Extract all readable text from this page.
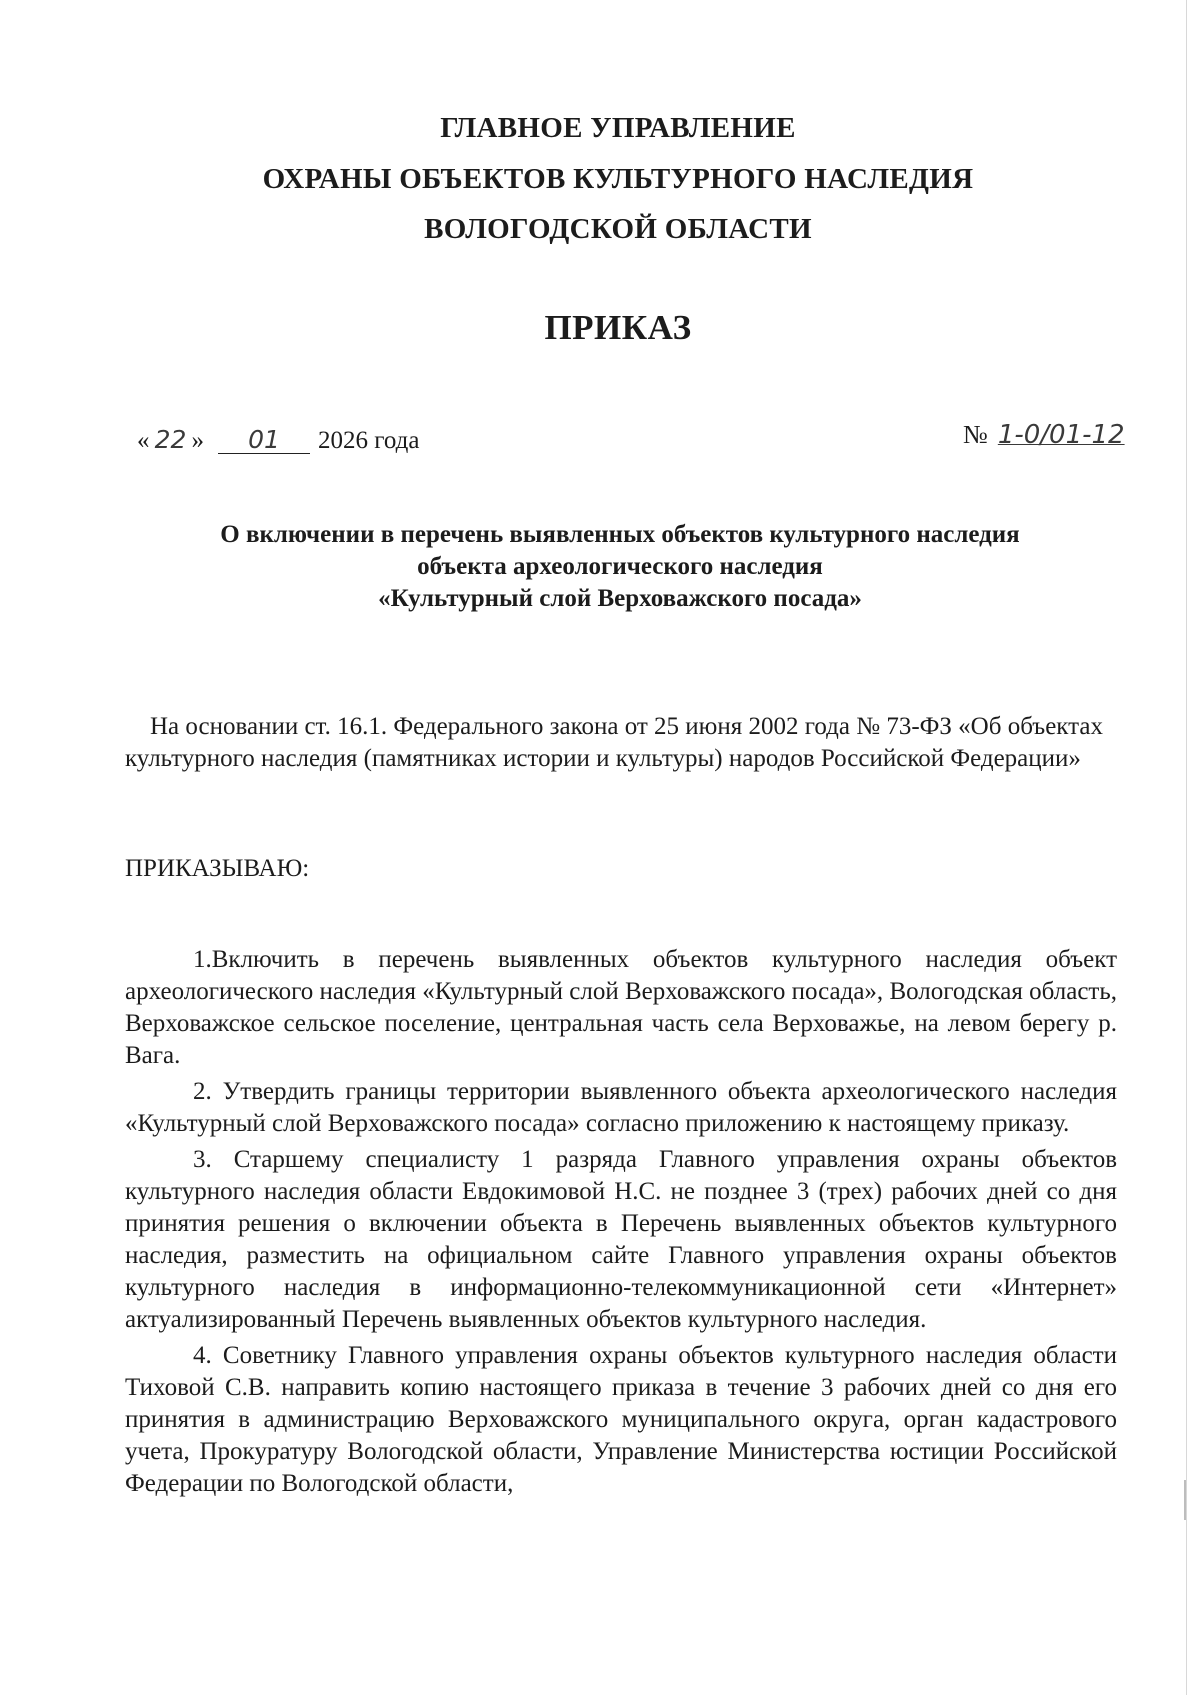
ГЛАВНОЕ УПРАВЛЕНИЕ
ОХРАНЫ ОБЪЕКТОВ КУЛЬТУРНОГО НАСЛЕДИЯ
ВОЛОГОДСКОЙ ОБЛАСТИ
ПРИКАЗ
« 22 » 01 2026 года	№ 1-0/01-12
О включении в перечень выявленных объектов культурного наследия
объекта археологического наследия
«Культурный слой Верховажского посада»
На основании ст. 16.1. Федерального закона от 25 июня 2002 года № 73-ФЗ «Об объектах культурного наследия (памятниках истории и культуры) народов Российской Федерации»
ПРИКАЗЫВАЮ:

1.Включить в перечень выявленных объектов культурного наследия объект археологического наследия «Культурный слой Верховажского посада», Вологодская область, Верховажское сельское поселение, центральная часть села Верховажье, на левом берегу р. Вага.

2. Утвердить границы территории выявленного объекта археологического наследия «Культурный слой Верховажского посада» согласно приложению к настоящему приказу.

3. Старшему специалисту 1 разряда Главного управления охраны объектов культурного наследия области Евдокимовой Н.С. не позднее 3 (трех) рабочих дней со дня принятия решения о включении объекта в Перечень выявленных объектов культурного наследия, разместить на официальном сайте Главного управления охраны объектов культурного наследия в информационно-телекоммуникационной сети «Интернет» актуализированный Перечень выявленных объектов культурного наследия.

4. Советнику Главного управления охраны объектов культурного наследия области Тиховой С.В. направить копию настоящего приказа в течение 3 рабочих дней со дня его принятия в администрацию Верховажского муниципального округа, орган кадастрового учета, Прокуратуру Вологодской области, Управление Министерства юстиции Российской Федерации по Вологодской области,
